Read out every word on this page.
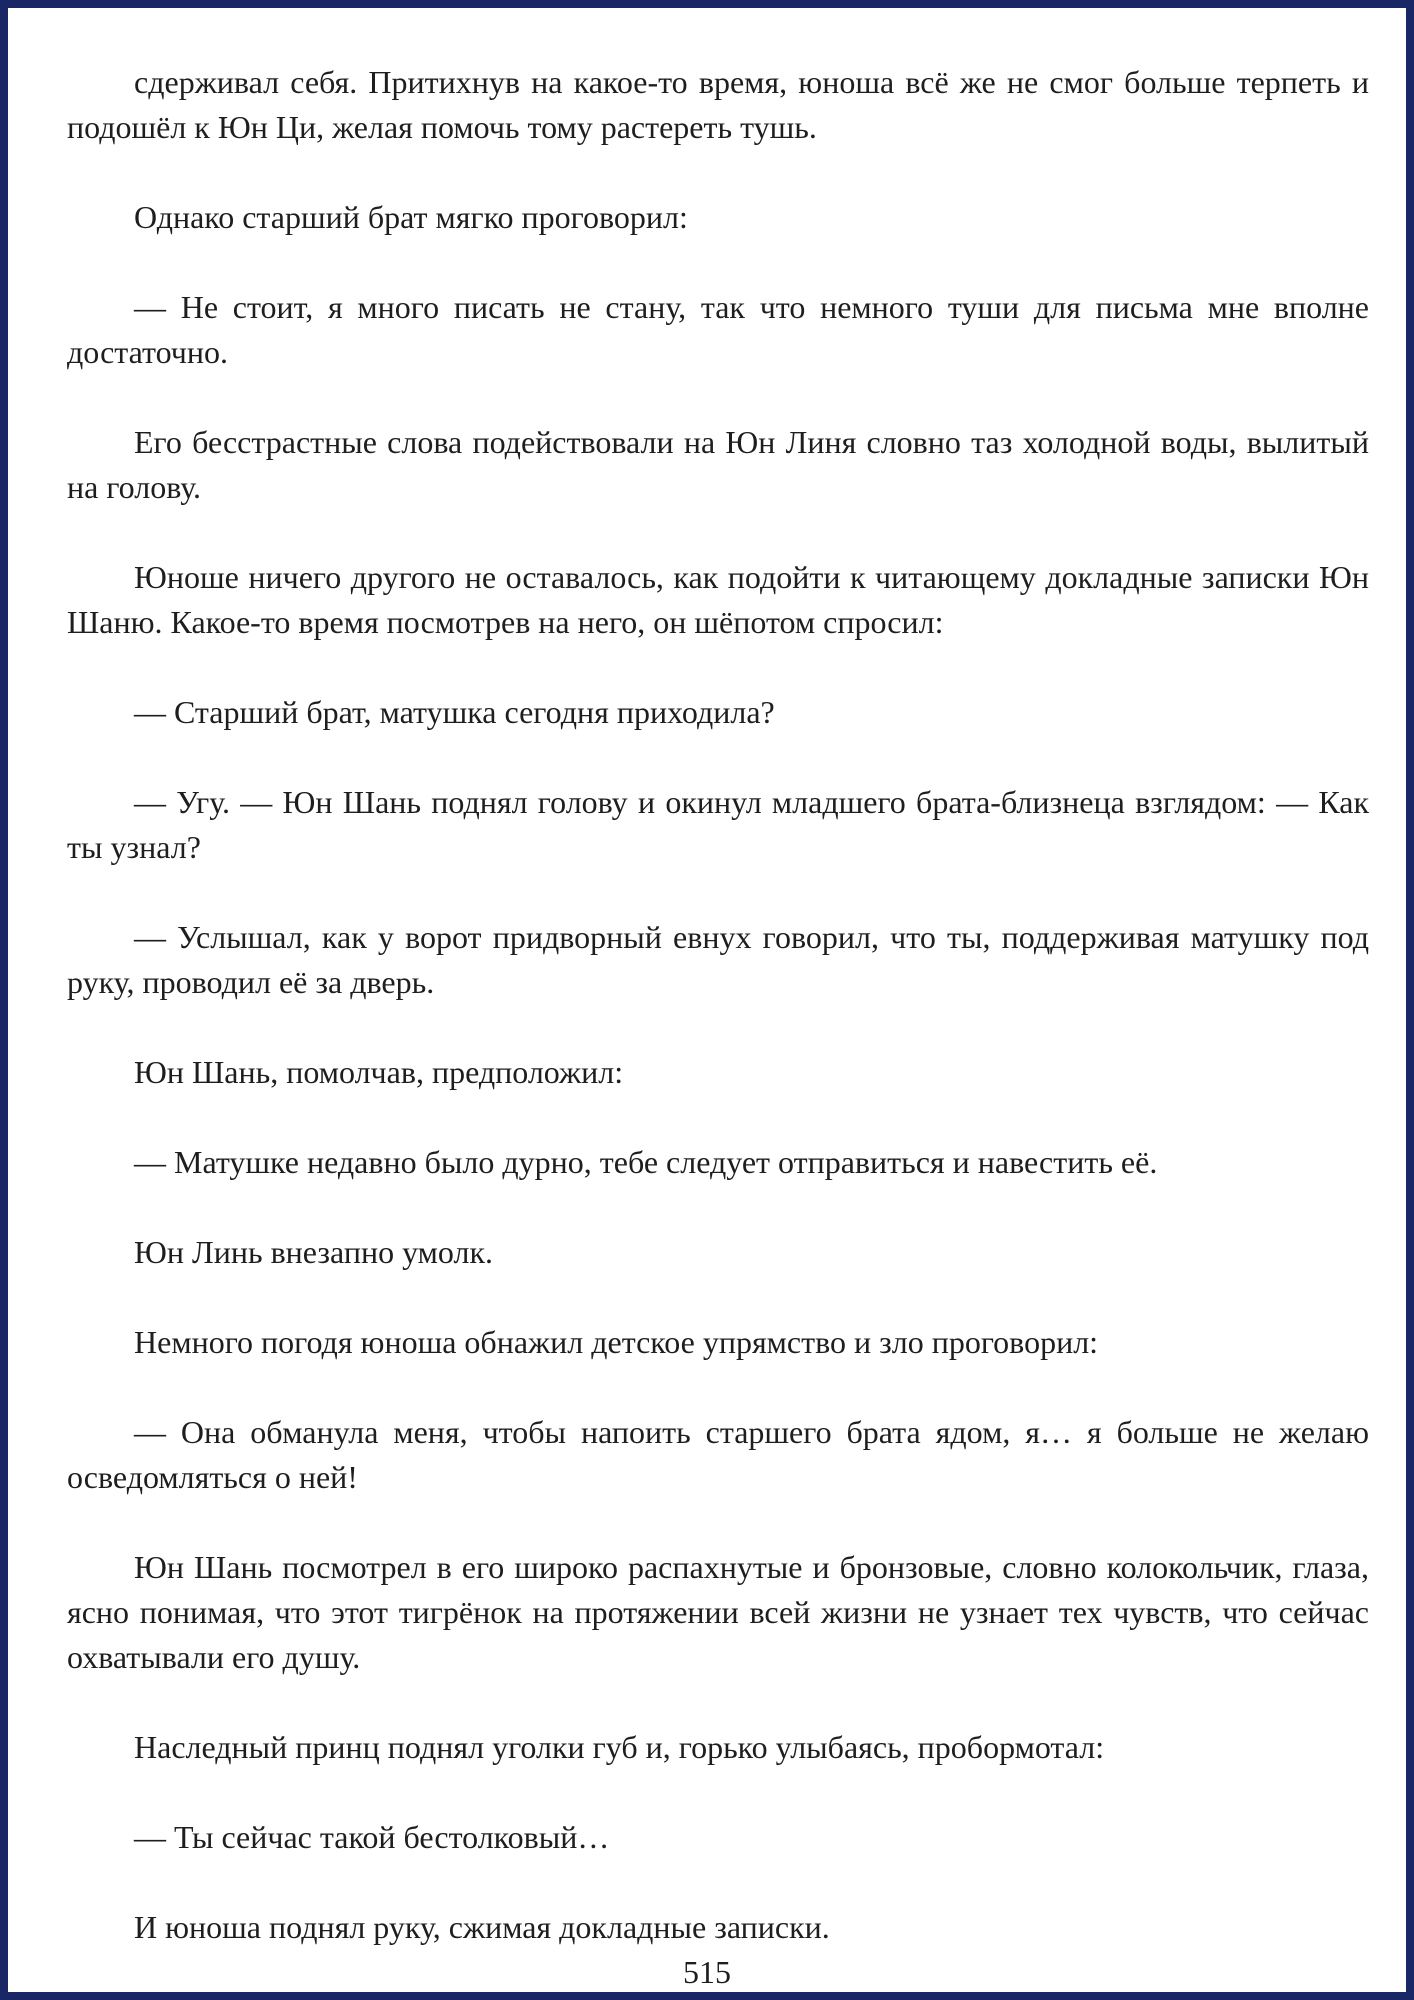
сдерживал себя. Притихнув на какое-то время, юноша всё же не смог больше терпеть и подошёл к Юн Ци, желая помочь тому растереть тушь.

Однако старший брат мягко проговорил:

— Не стоит, я много писать не стану, так что немного туши для письма мне вполне достаточно.

Его бесстрастные слова подействовали на Юн Линя словно таз холодной воды, вылитый на голову.

Юноше ничего другого не оставалось, как подойти к читающему докладные записки Юн Шаню. Какое-то время посмотрев на него, он шёпотом спросил:

— Старший брат, матушка сегодня приходила?

— Угу. — Юн Шань поднял голову и окинул младшего брата-близнеца взглядом: — Как ты узнал?

— Услышал, как у ворот придворный евнух говорил, что ты, поддерживая матушку под руку, проводил её за дверь.

Юн Шань, помолчав, предположил:

— Матушке недавно было дурно, тебе следует отправиться и навестить её.

Юн Линь внезапно умолк.

Немного погодя юноша обнажил детское упрямство и зло проговорил:

— Она обманула меня, чтобы напоить старшего брата ядом, я… я больше не желаю осведомляться о ней!

Юн Шань посмотрел в его широко распахнутые и бронзовые, словно колокольчик, глаза, ясно понимая, что этот тигрёнок на протяжении всей жизни не узнает тех чувств, что сейчас охватывали его душу.

Наследный принц поднял уголки губ и, горько улыбаясь, пробормотал:

— Ты сейчас такой бестолковый…

И юноша поднял руку, сжимая докладные записки.

515
